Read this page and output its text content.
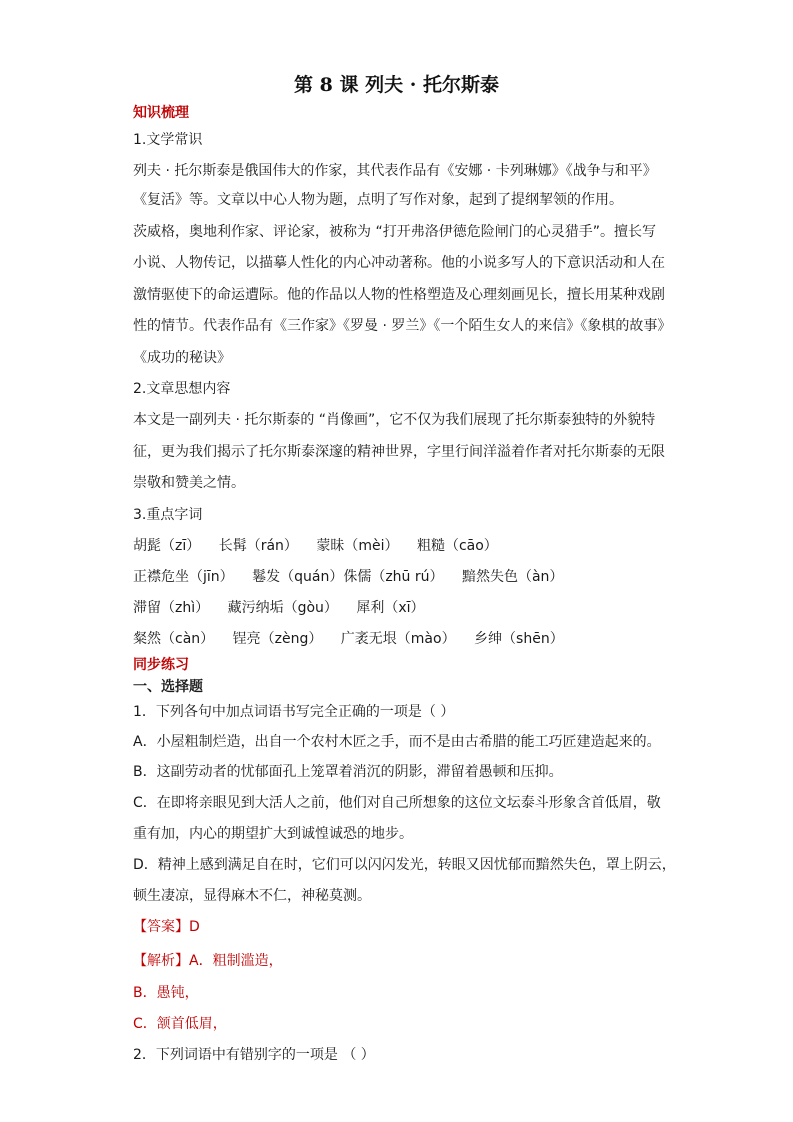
第 8 课 列夫 · 托尔斯泰
知识梳理
1.文学常识
列夫 · 托尔斯泰是俄国伟大的作家，其代表作品有《安娜 · 卡列琳娜》《战争与和平》
《复活》等。文章以中心人物为题，点明了写作对象，起到了提纲挈领的作用。
茨威格，奥地利作家、评论家，被称为 “打开弗洛伊德危险闸门的心灵猎手”。擅长写
小说、人物传记，以描摹人性化的内心冲动著称。他的小说多写人的下意识活动和人在
激情驱使下的命运遭际。他的作品以人物的性格塑造及心理刻画见长，擅长用某种戏剧
性的情节。代表作品有《三作家》《罗曼 · 罗兰》《一个陌生女人的来信》《象棋的故事》
《成功的秘诀》
2.文章思想内容
本文是一副列夫 · 托尔斯泰的 “肖像画”，它不仅为我们展现了托尔斯泰独特的外貌特
征，更为我们揭示了托尔斯泰深邃的精神世界，字里行间洋溢着作者对托尔斯泰的无限
崇敬和赞美之情。
3.重点字词
胡髭（zī） 长髯（rán） 蒙昧（mèi） 粗糙（cāo）
正襟危坐（jīn） 鬈发（quán）侏儒（zhū rú） 黯然失色（àn）
滞留（zhì） 藏污纳垢（gòu） 犀利（xī）
粲然（càn） 锃亮（zèng） 广袤无垠（mào） 乡绅（shēn）
同步练习
一、选择题
1．下列各句中加点词语书写完全正确的一项是（ ）
A．小屋粗制烂造，出自一个农村木匠之手，而不是由古希腊的能工巧匠建造起来的。
B．这副劳动者的忧郁面孔上笼罩着消沉的阴影，滞留着愚顿和压抑。
C．在即将亲眼见到大活人之前，他们对自己所想象的这位文坛泰斗形象含首低眉，敬
重有加，内心的期望扩大到诚惶诚恐的地步。
D．精神上感到满足自在时，它们可以闪闪发光，转眼又因忧郁而黯然失色，罩上阴云，
顿生凄凉，显得麻木不仁，神秘莫测。
【答案】D
【解析】A．粗制滥造，
B．愚钝，
C．颔首低眉，
2．下列词语中有错别字的一项是 （ ）
